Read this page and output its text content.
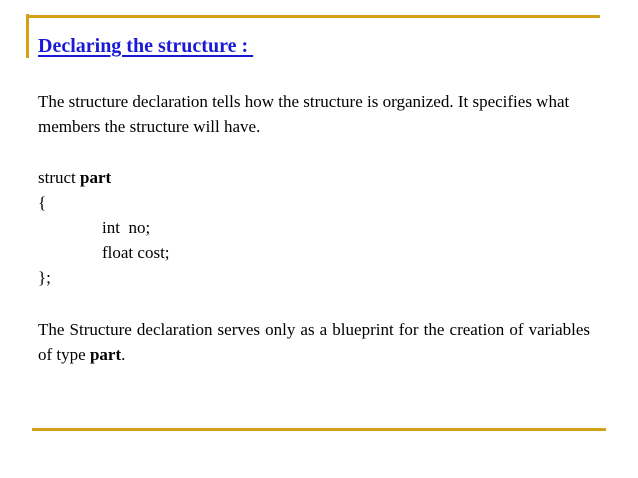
Declaring the structure :

The structure declaration tells how the structure is organized. It specifies what members the structure will have.

struct part
{
int  no;
float cost;
};

The Structure declaration serves only as a blueprint for the creation of variables of type part.
